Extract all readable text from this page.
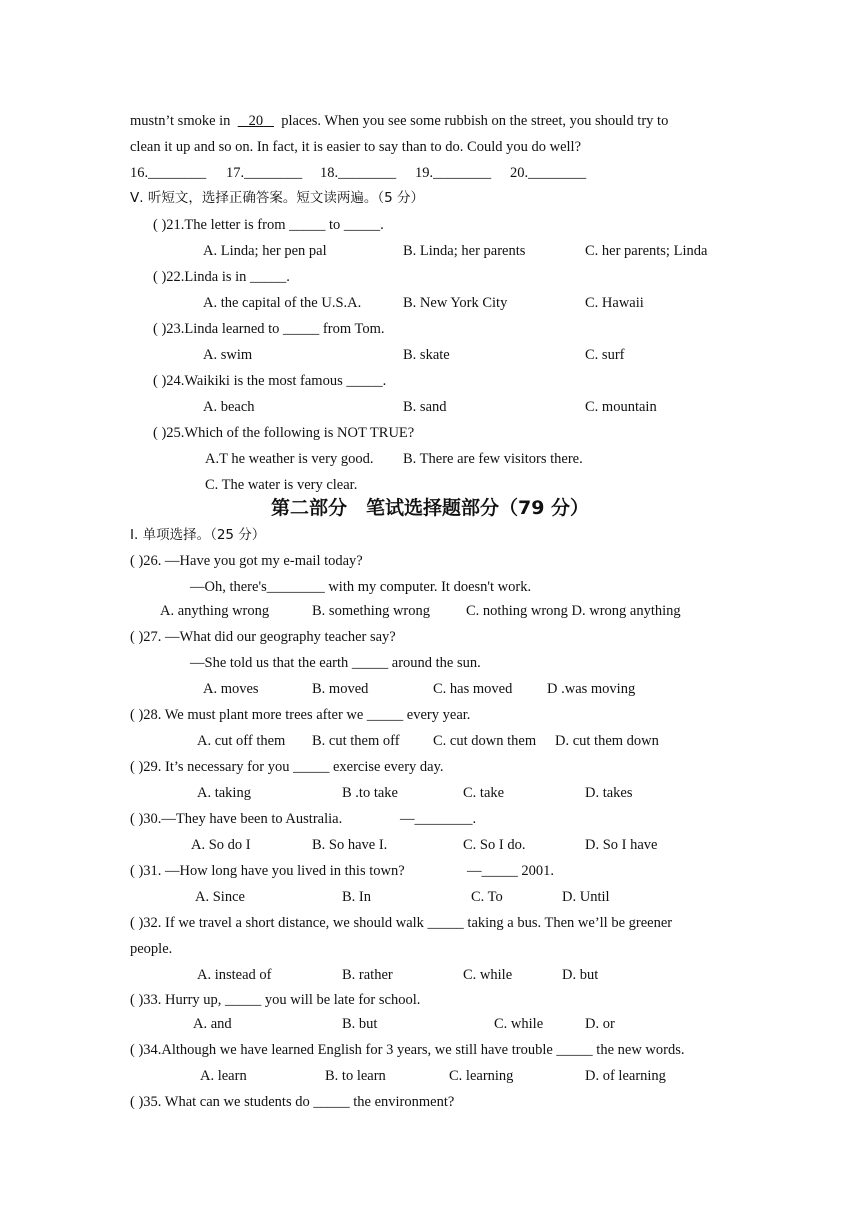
mustn’t smoke in 20 places. When you see some rubbish on the street, you should try to
clean it up and so on. In fact, it is easier to say than to do. Could you do well?
16.________ 17.________ 18.________ 19.________ 20.________
Ⅴ. 听短文，选择正确答案。短文读两遍。（5 分）
( )21.The letter is from _____ to _____.
A. Linda; her pen pal	B. Linda; her parents	C. her parents; Linda
( )22.Linda is in _____.
A. the capital of the U.S.A.	B. New York City	C. Hawaii
( )23.Linda learned to _____ from Tom.
A. swim	B. skate	C. surf
( )24.Waikiki is the most famous _____.
A. beach	B. sand	C. mountain
( )25.Which of the following is NOT TRUE?
A.T he weather is very good. B. There are few visitors there.
C. The water is very clear.
第二部分　笔试选择题部分（79 分）
Ⅰ. 单项选择。（25 分）
( )26. —Have you got my e-mail today?
—Oh, there's________ with my computer. It doesn't work.
A. anything wrong	B. something wrong C. nothing wrong D. wrong anything
( )27. —What did our geography teacher say?
—She told us that the earth _____ around the sun.
A. moves	B. moved	C. has moved D .was moving
( )28. We must plant more trees after we _____ every year.
A. cut off them B. cut them off C. cut down them D. cut them down
( )29. It’s necessary for you _____ exercise every day.
A. taking	B .to take	C. take	D. takes
( )30.—They have been to Australia.	—________.
A. So do I	B. So have I.	C. So I do.	D. So I have
( )31. —How long have you lived in this town?	—_____ 2001.
A. Since	B. In	C. To	D. Until
( )32. If we travel a short distance, we should walk _____ taking a bus. Then we’ll be greener
people.
A. instead of	B. rather	C. while	D. but
( )33. Hurry up, _____ you will be late for school.
A. and	B. but	C. while	D. or
( )34.Although we have learned English for 3 years, we still have trouble _____ the new words.
A. learn	B. to learn	C. learning	D. of learning
( )35. What can we students do _____ the environment?
